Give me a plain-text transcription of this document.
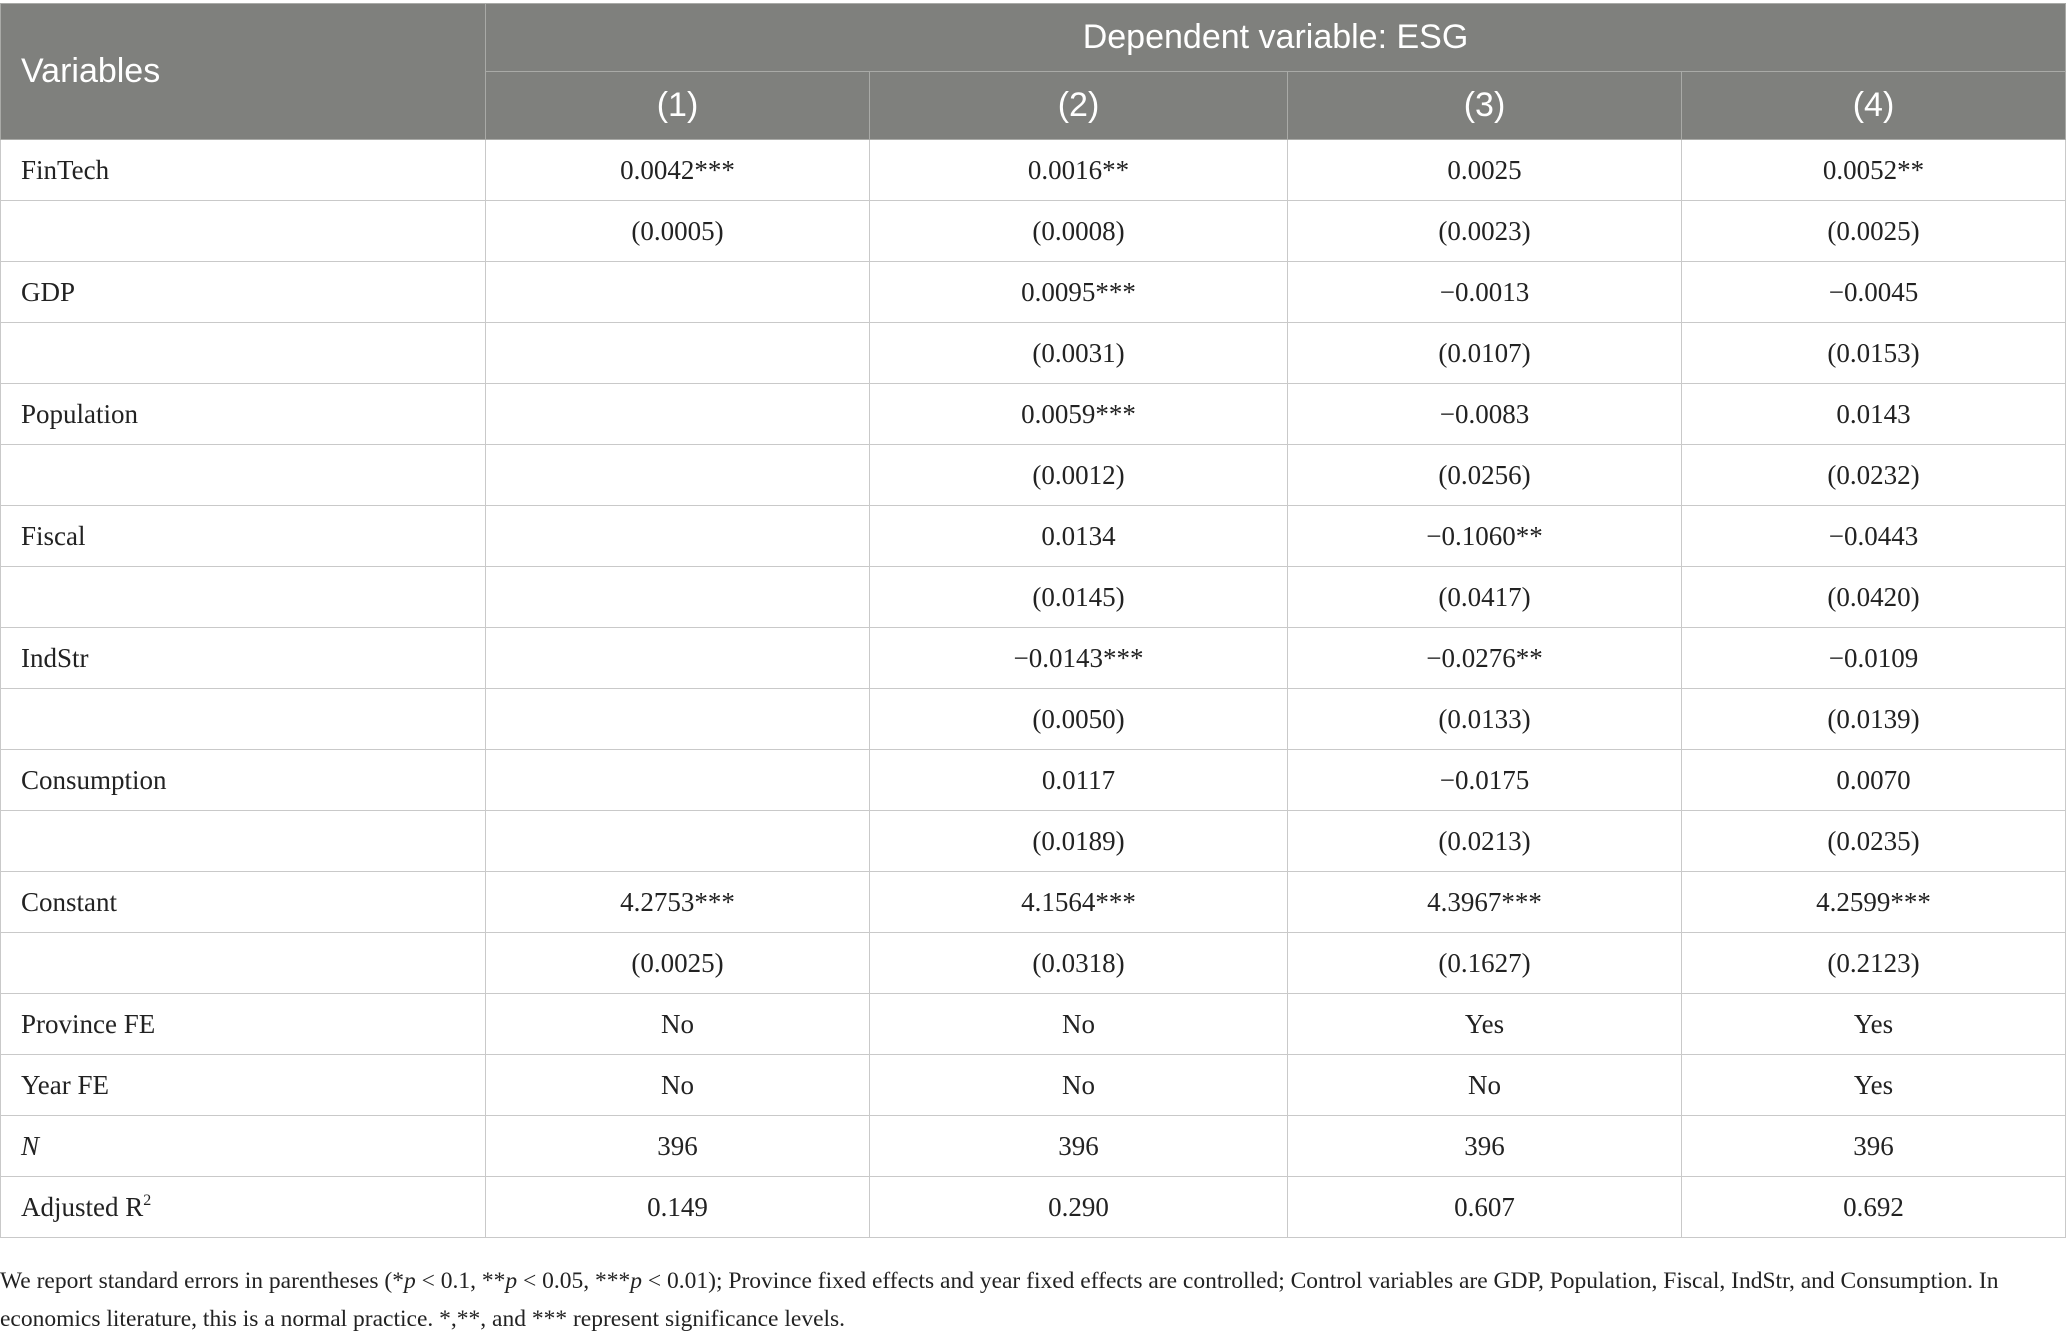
Variables	Dependent variable: ESG			
	(1)	(2)	(3)	(4)
FinTech	0.0042***	0.0016**	0.0025	0.0052**
	(0.0005)	(0.0008)	(0.0023)	(0.0025)
GDP		0.0095***	−0.0013	−0.0045
		(0.0031)	(0.0107)	(0.0153)
Population		0.0059***	−0.0083	0.0143
		(0.0012)	(0.0256)	(0.0232)
Fiscal		0.0134	−0.1060**	−0.0443
		(0.0145)	(0.0417)	(0.0420)
IndStr		−0.0143***	−0.0276**	−0.0109
		(0.0050)	(0.0133)	(0.0139)
Consumption		0.0117	−0.0175	0.0070
		(0.0189)	(0.0213)	(0.0235)
Constant	4.2753***	4.1564***	4.3967***	4.2599***
	(0.0025)	(0.0318)	(0.1627)	(0.2123)
Province FE	No	No	Yes	Yes
Year FE	No	No	No	Yes
N	396	396	396	396
Adjusted $R^2$	0.149	0.290	0.607	0.692
We report standard errors in parentheses (*p < 0.1, **p < 0.05, ***p < 0.01); Province fixed effects and year fixed effects are controlled; Control variables are GDP, Population, Fiscal, IndStr, and Consumption. In economics literature, this is a normal practice. *,**, and *** represent significance levels.
